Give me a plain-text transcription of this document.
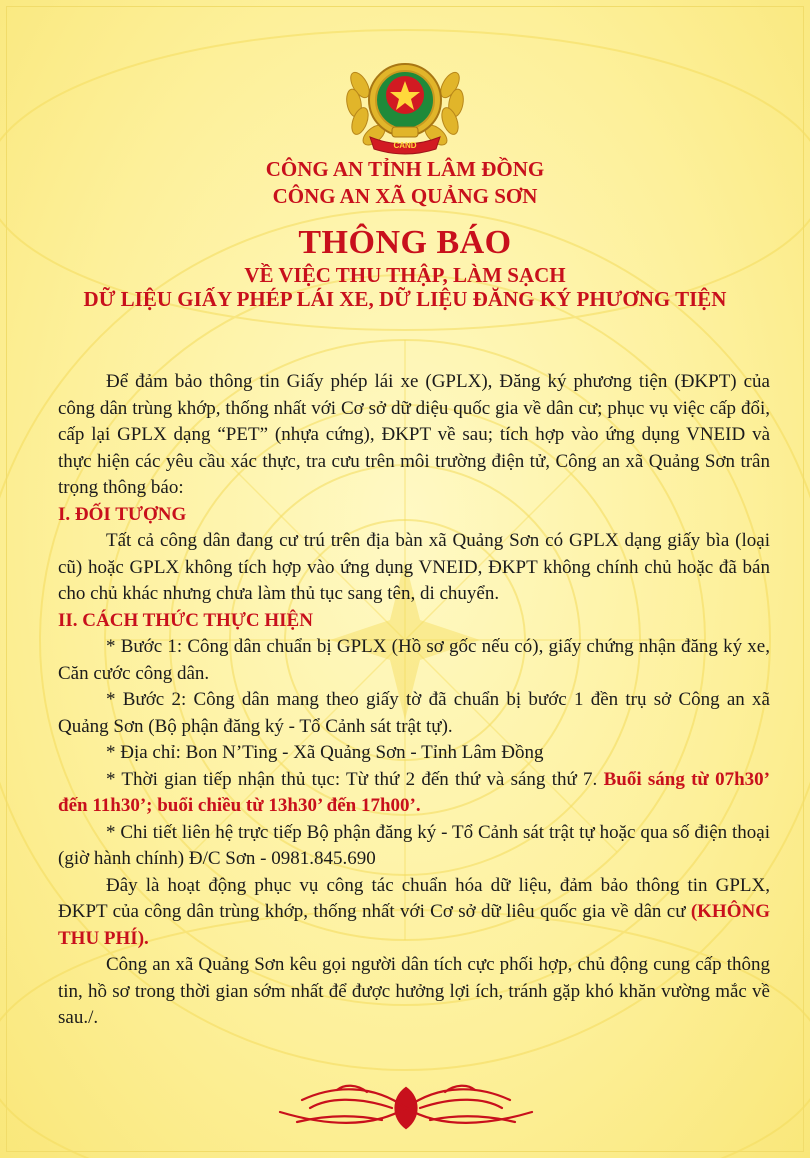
CAND
CÔNG AN TỈNH LÂM ĐỒNG
CÔNG AN XÃ QUẢNG SƠN
THÔNG BÁO
VỀ VIỆC THU THẬP, LÀM SẠCH
DỮ LIỆU GIẤY PHÉP LÁI XE, DỮ LIỆU ĐĂNG KÝ PHƯƠNG TIỆN

Để đảm bảo thông tin Giấy phép lái xe (GPLX), Đăng ký phương tiện (ĐKPT) của công dân trùng khớp, thống nhất với Cơ sở dữ diệu quốc gia về dân cư; phục vụ việc cấp đổi, cấp lại GPLX dạng “PET” (nhựa cứng), ĐKPT về sau; tích hợp vào ứng dụng VNEID và thực hiện các yêu cầu xác thực, tra cưu trên môi trường điện tử, Công an xã Quảng Sơn trân trọng thông báo:

I. ĐỐI TƯỢNG

Tất cả công dân đang cư trú trên địa bàn xã Quảng Sơn có GPLX dạng giấy bìa (loại cũ) hoặc GPLX không tích hợp vào ứng dụng VNEID, ĐKPT không chính chủ hoặc đã bán cho chủ khác nhưng chưa làm thủ tục sang tên, di chuyển.

II. CÁCH THỨC THỰC HIỆN

* Bước 1: Công dân chuẩn bị GPLX (Hồ sơ gốc nếu có), giấy chứng nhận đăng ký xe, Căn cước công dân.

* Bước 2: Công dân mang theo giấy tờ đã chuẩn bị bước 1 đền trụ sở Công an xã Quảng Sơn (Bộ phận đăng ký - Tổ Cảnh sát trật tự).

* Địa chỉ: Bon N’Ting - Xã Quảng Sơn - Tỉnh Lâm Đồng

* Thời gian tiếp nhận thủ tục: Từ thứ 2 đến thứ và sáng thứ 7. Buổi sáng từ 07h30’ đến 11h30’; buổi chiều từ 13h30’ đến 17h00’.

* Chi tiết liên hệ trực tiếp Bộ phận đăng ký - Tổ Cảnh sát trật tự hoặc qua số điện thoại (giờ hành chính) Đ/C Sơn - 0981.845.690

Đây là hoạt động phục vụ công tác chuẩn hóa dữ liệu, đảm bảo thông tin GPLX, ĐKPT của công dân trùng khớp, thống nhất với Cơ sở dữ liêu quốc gia về dân cư (KHÔNG THU PHÍ).

Công an xã Quảng Sơn kêu gọi người dân tích cực phối hợp, chủ động cung cấp thông tin, hồ sơ trong thời gian sớm nhất để được hưởng lợi ích, tránh gặp khó khăn vường mắc về sau./.
